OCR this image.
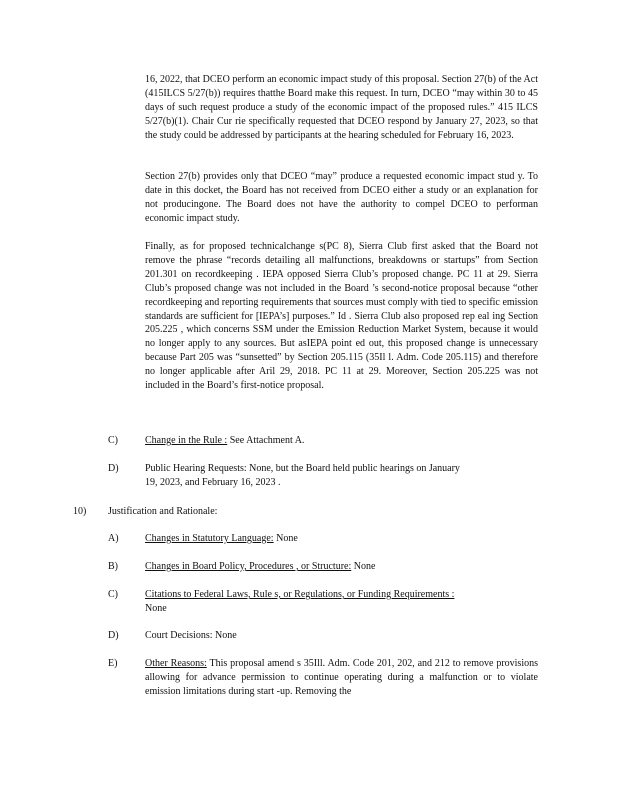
16, 2022, that DCEO perform an economic impact study of this proposal. Section 27(b) of the Act (415ILCS 5/27(b)) requires thatthe Board make this request. In turn, DCEO “may within 30 to 45 days of such request produce a study of the economic impact of the proposed rules.” 415 ILCS 5/27(b)(1). Chair Cur rie specifically requested that DCEO respond by January 27, 2023, so that the study could be addressed by participants at the hearing scheduled for February 16, 2023.

Section 27(b) provides only that DCEO “may” produce a requested economic impact stud y. To date in this docket, the Board has not received from DCEO either a study or an explanation for not producingone. The Board does not have the authority to compel DCEO to performan economic impact study.

Finally, as for proposed technicalchange s(PC 8), Sierra Club first asked that the Board not remove the phrase “records detailing all malfunctions, breakdowns or startups” from Section 201.301 on recordkeeping . IEPA opposed Sierra Club’s proposed change. PC 11 at 29. Sierra Club’s proposed change was not included in the Board ’s second-notice proposal because “other recordkeeping and reporting requirements that sources must comply with tied to specific emission standards are sufficient for [IEPA’s] purposes.” Id . Sierra Club also proposed rep eal ing Section 205.225 , which concerns SSM under the Emission Reduction Market System, because it would no longer apply to any sources. But asIEPA point ed out, this proposed change is unnecessary because Part 205 was “sunsetted” by Section 205.115 (35Il l. Adm. Code 205.115) and therefore no longer applicable after Aril 29, 2018. PC 11 at 29. Moreover, Section 205.225 was not included in the Board’s first-notice proposal.

C)	Change in the Rule : See Attachment A.
D)	Public Hearing Requests: None, but the Board held public hearings on January
19, 2023, and February 16, 2023 .
10)	Justification and Rationale:
A)	Changes in Statutory Language: None
B)	Changes in Board Policy, Procedures , or Structure: None
C)	Citations to Federal Laws, Rule s, or Regulations, or Funding Requirements :
None
D)	Court Decisions: None
E)	Other Reasons: This proposal amend s 35Ill. Adm. Code 201, 202, and 212 to remove provisions allowing for advance permission to continue operating during a malfunction or to violate emission limitations during start -up. Removing the
